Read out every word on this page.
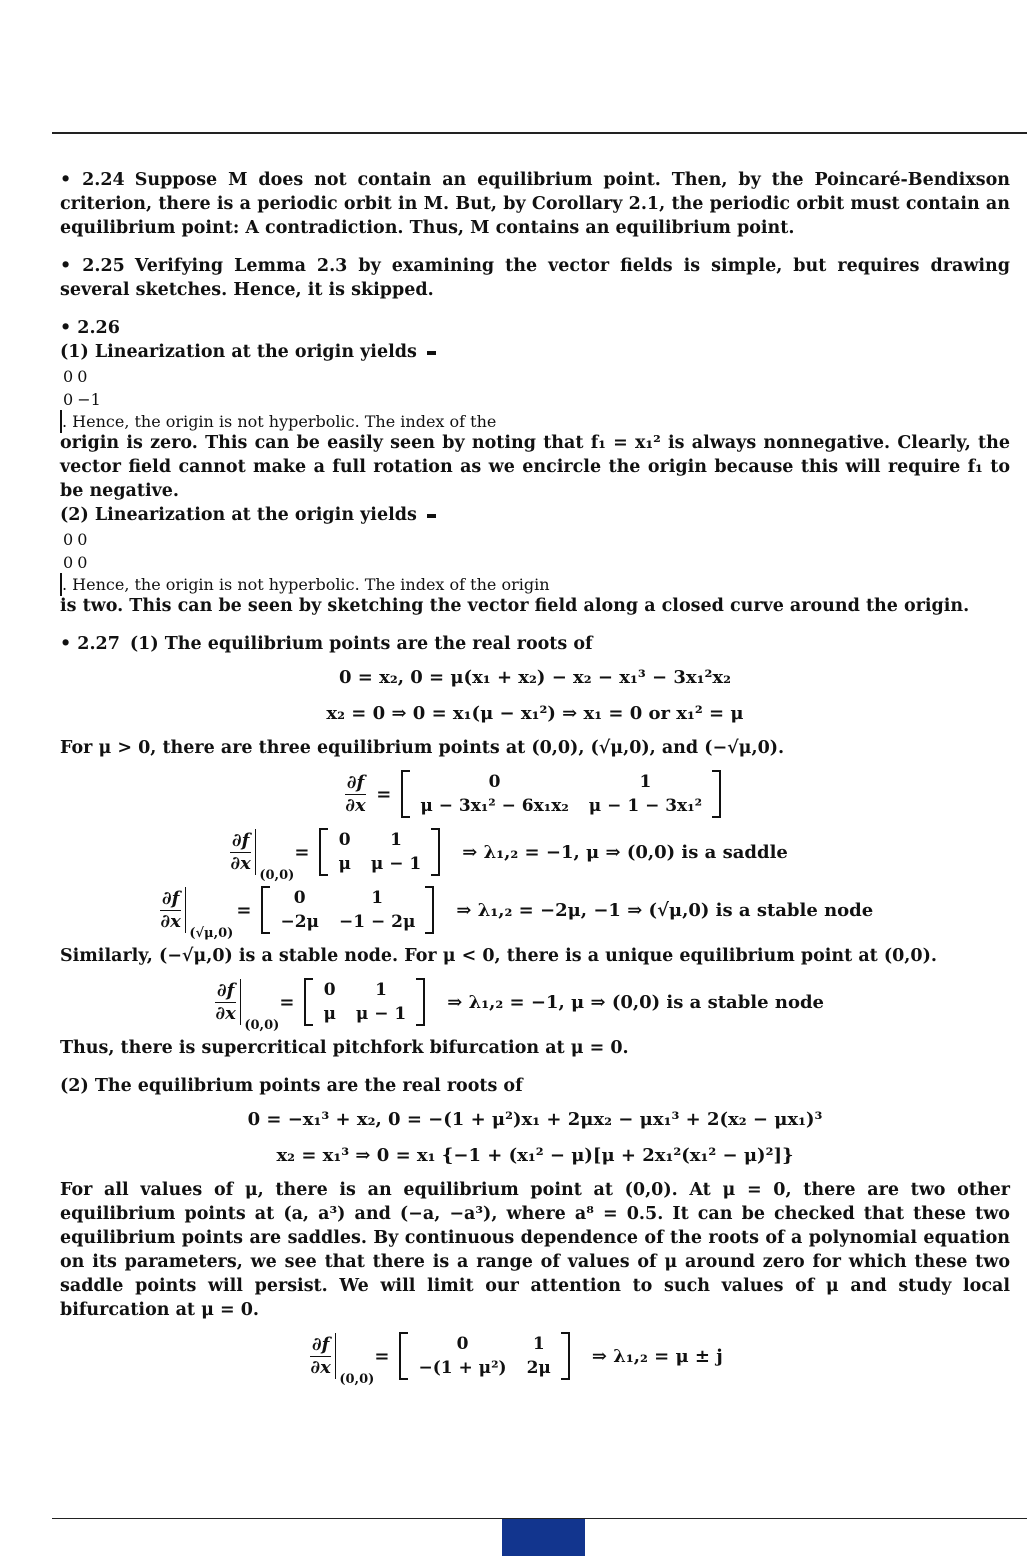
• 2.24 Suppose M does not contain an equilibrium point. Then, by the Poincaré-Bendixson criterion, there is a periodic orbit in M. But, by Corollary 2.1, the periodic orbit must contain an equilibrium point: A contradiction. Thus, M contains an equilibrium point.

• 2.25 Verifying Lemma 2.3 by examining the vector fields is simple, but requires drawing several sketches. Hence, it is skipped.

• 2.26

(1) Linearization at the origin yields

0	0
0	−1
. Hence, the origin is not hyperbolic. The index of the

origin is zero. This can be easily seen by noting that f₁ = x₁² is always nonnegative. Clearly, the vector field cannot make a full rotation as we encircle the origin because this will require f₁ to be negative.

(2) Linearization at the origin yields

0	0
0	0
. Hence, the origin is not hyperbolic. The index of the origin

is two. This can be seen by sketching the vector field along a closed curve around the origin.

• 2.27 (1) The equilibrium points are the real roots of

0 = x₂, 0 = μ(x₁ + x₂) − x₂ − x₁³ − 3x₁²x₂
x₂ = 0 ⇒ 0 = x₁(μ − x₁²) ⇒ x₁ = 0 or x₁² = μ

For μ > 0, there are three equilibrium points at (0,0), (√μ,0), and (−√μ,0).

$\frac{\partial f}{\partial x}$ =
0	1
μ − 3x₁² − 6x₁x₂	μ − 1 − 3x₁²
$\frac{\partial f}{\partial x}$
(0,0)
=
0	1
μ	μ − 1
⇒ λ₁,₂ = −1, μ ⇒ (0,0) is a saddle
$\frac{\partial f}{\partial x}$
(√μ,0)
=
0	1
−2μ	−1 − 2μ
⇒ λ₁,₂ = −2μ, −1 ⇒ (√μ,0) is a stable node

Similarly, (−√μ,0) is a stable node. For μ < 0, there is a unique equilibrium point at (0,0).

$\frac{\partial f}{\partial x}$
(0,0)
=
0	1
μ	μ − 1
⇒ λ₁,₂ = −1, μ ⇒ (0,0) is a stable node

Thus, there is supercritical pitchfork bifurcation at μ = 0.

(2) The equilibrium points are the real roots of

0 = −x₁³ + x₂, 0 = −(1 + μ²)x₁ + 2μx₂ − μx₁³ + 2(x₂ − μx₁)³
x₂ = x₁³ ⇒ 0 = x₁ {−1 + (x₁² − μ)[μ + 2x₁²(x₁² − μ)²]}

For all values of μ, there is an equilibrium point at (0,0). At μ = 0, there are two other equilibrium points at (a, a³) and (−a, −a³), where a⁸ = 0.5. It can be checked that these two equilibrium points are saddles. By continuous dependence of the roots of a polynomial equation on its parameters, we see that there is a range of values of μ around zero for which these two saddle points will persist. We will limit our attention to such values of μ and study local bifurcation at μ = 0.

$\frac{\partial f}{\partial x}$
(0,0)
=
0	1
−(1 + μ²)	2μ
⇒ λ₁,₂ = μ ± j
